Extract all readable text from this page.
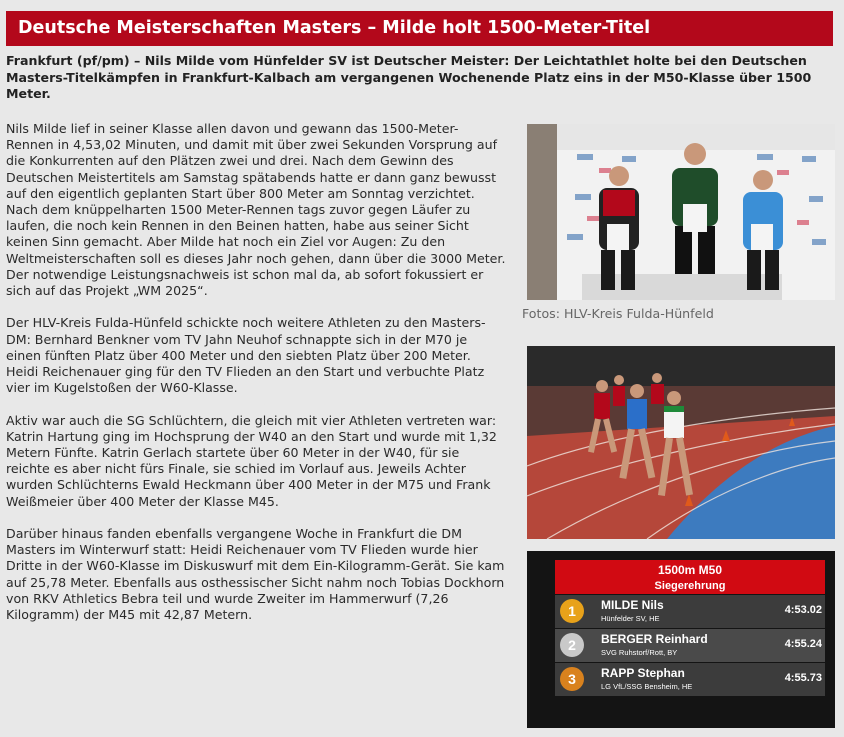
Deutsche Meisterschaften Masters – Milde holt 1500-Meter-Titel

Frankfurt (pf/pm) – Nils Milde vom Hünfelder SV ist Deutscher Meister: Der Leichtathlet holte bei den Deutschen Masters-Titelkämpfen in Frankfurt-Kalbach am vergangenen Wochenende Platz eins in der M50-Klasse über 1500 Meter.

Nils Milde lief in seiner Klasse allen davon und gewann das 1500-Meter-Rennen in 4,53,02 Minuten, und damit mit über zwei Sekunden Vorsprung auf die Konkurrenten auf den Plätzen zwei und drei. Nach dem Gewinn des Deutschen Meistertitels am Samstag spätabends hatte er dann ganz bewusst auf den eigentlich geplanten Start über 800 Meter am Sonntag verzichtet. Nach dem knüppelharten 1500 Meter-Rennen tags zuvor gegen Läufer zu laufen, die noch kein Rennen in den Beinen hatten, habe aus seiner Sicht keinen Sinn gemacht. Aber Milde hat noch ein Ziel vor Augen: Zu den Weltmeisterschaften soll es dieses Jahr noch gehen, dann über die 3000 Meter. Der notwendige Leistungsnachweis ist schon mal da, ab sofort fokussiert er sich auf das Projekt „WM 2025“.

Der HLV-Kreis Fulda-Hünfeld schickte noch weitere Athleten zu den Masters-DM: Bernhard Benkner vom TV Jahn Neuhof schnappte sich in der M70 je einen fünften Platz über 400 Meter und den siebten Platz über 200 Meter. Heidi Reichenauer ging für den TV Flieden an den Start und verbuchte Platz vier im Kugelstoßen der W60-Klasse.

Aktiv war auch die SG Schlüchtern, die gleich mit vier Athleten vertreten war: Katrin Hartung ging im Hochsprung der W40 an den Start und wurde mit 1,32 Metern Fünfte. Katrin Gerlach startete über 60 Meter in der W40, für sie reichte es aber nicht fürs Finale, sie schied im Vorlauf aus. Jeweils Achter wurden Schlüchterns Ewald Heckmann über 400 Meter in der M75 und Frank Weißmeier über 400 Meter der Klasse M45.

Darüber hinaus fanden ebenfalls vergangene Woche in Frankfurt die DM Masters im Winterwurf statt: Heidi Reichenauer vom TV Flieden wurde hier Dritte in der W60-Klasse im Diskuswurf mit dem Ein-Kilogramm-Gerät. Sie kam auf 25,78 Meter. Ebenfalls aus osthessischer Sicht nahm noch Tobias Dockhorn von RKV Athletics Bebra teil und wurde Zweiter im Hammerwurf (7,26 Kilogramm) der M45 mit 42,87 Metern.

Fotos: HLV-Kreis Fulda-Hünfeld
1500m M50
Siegerehrung
1 MILDE Nils
Hünfelder SV, HE
4:53.02
2 BERGER Reinhard
SVG Ruhstorf/Rott, BY
4:55.24
3 RAPP Stephan
LG VfL/SSG Bensheim, HE
4:55.73
